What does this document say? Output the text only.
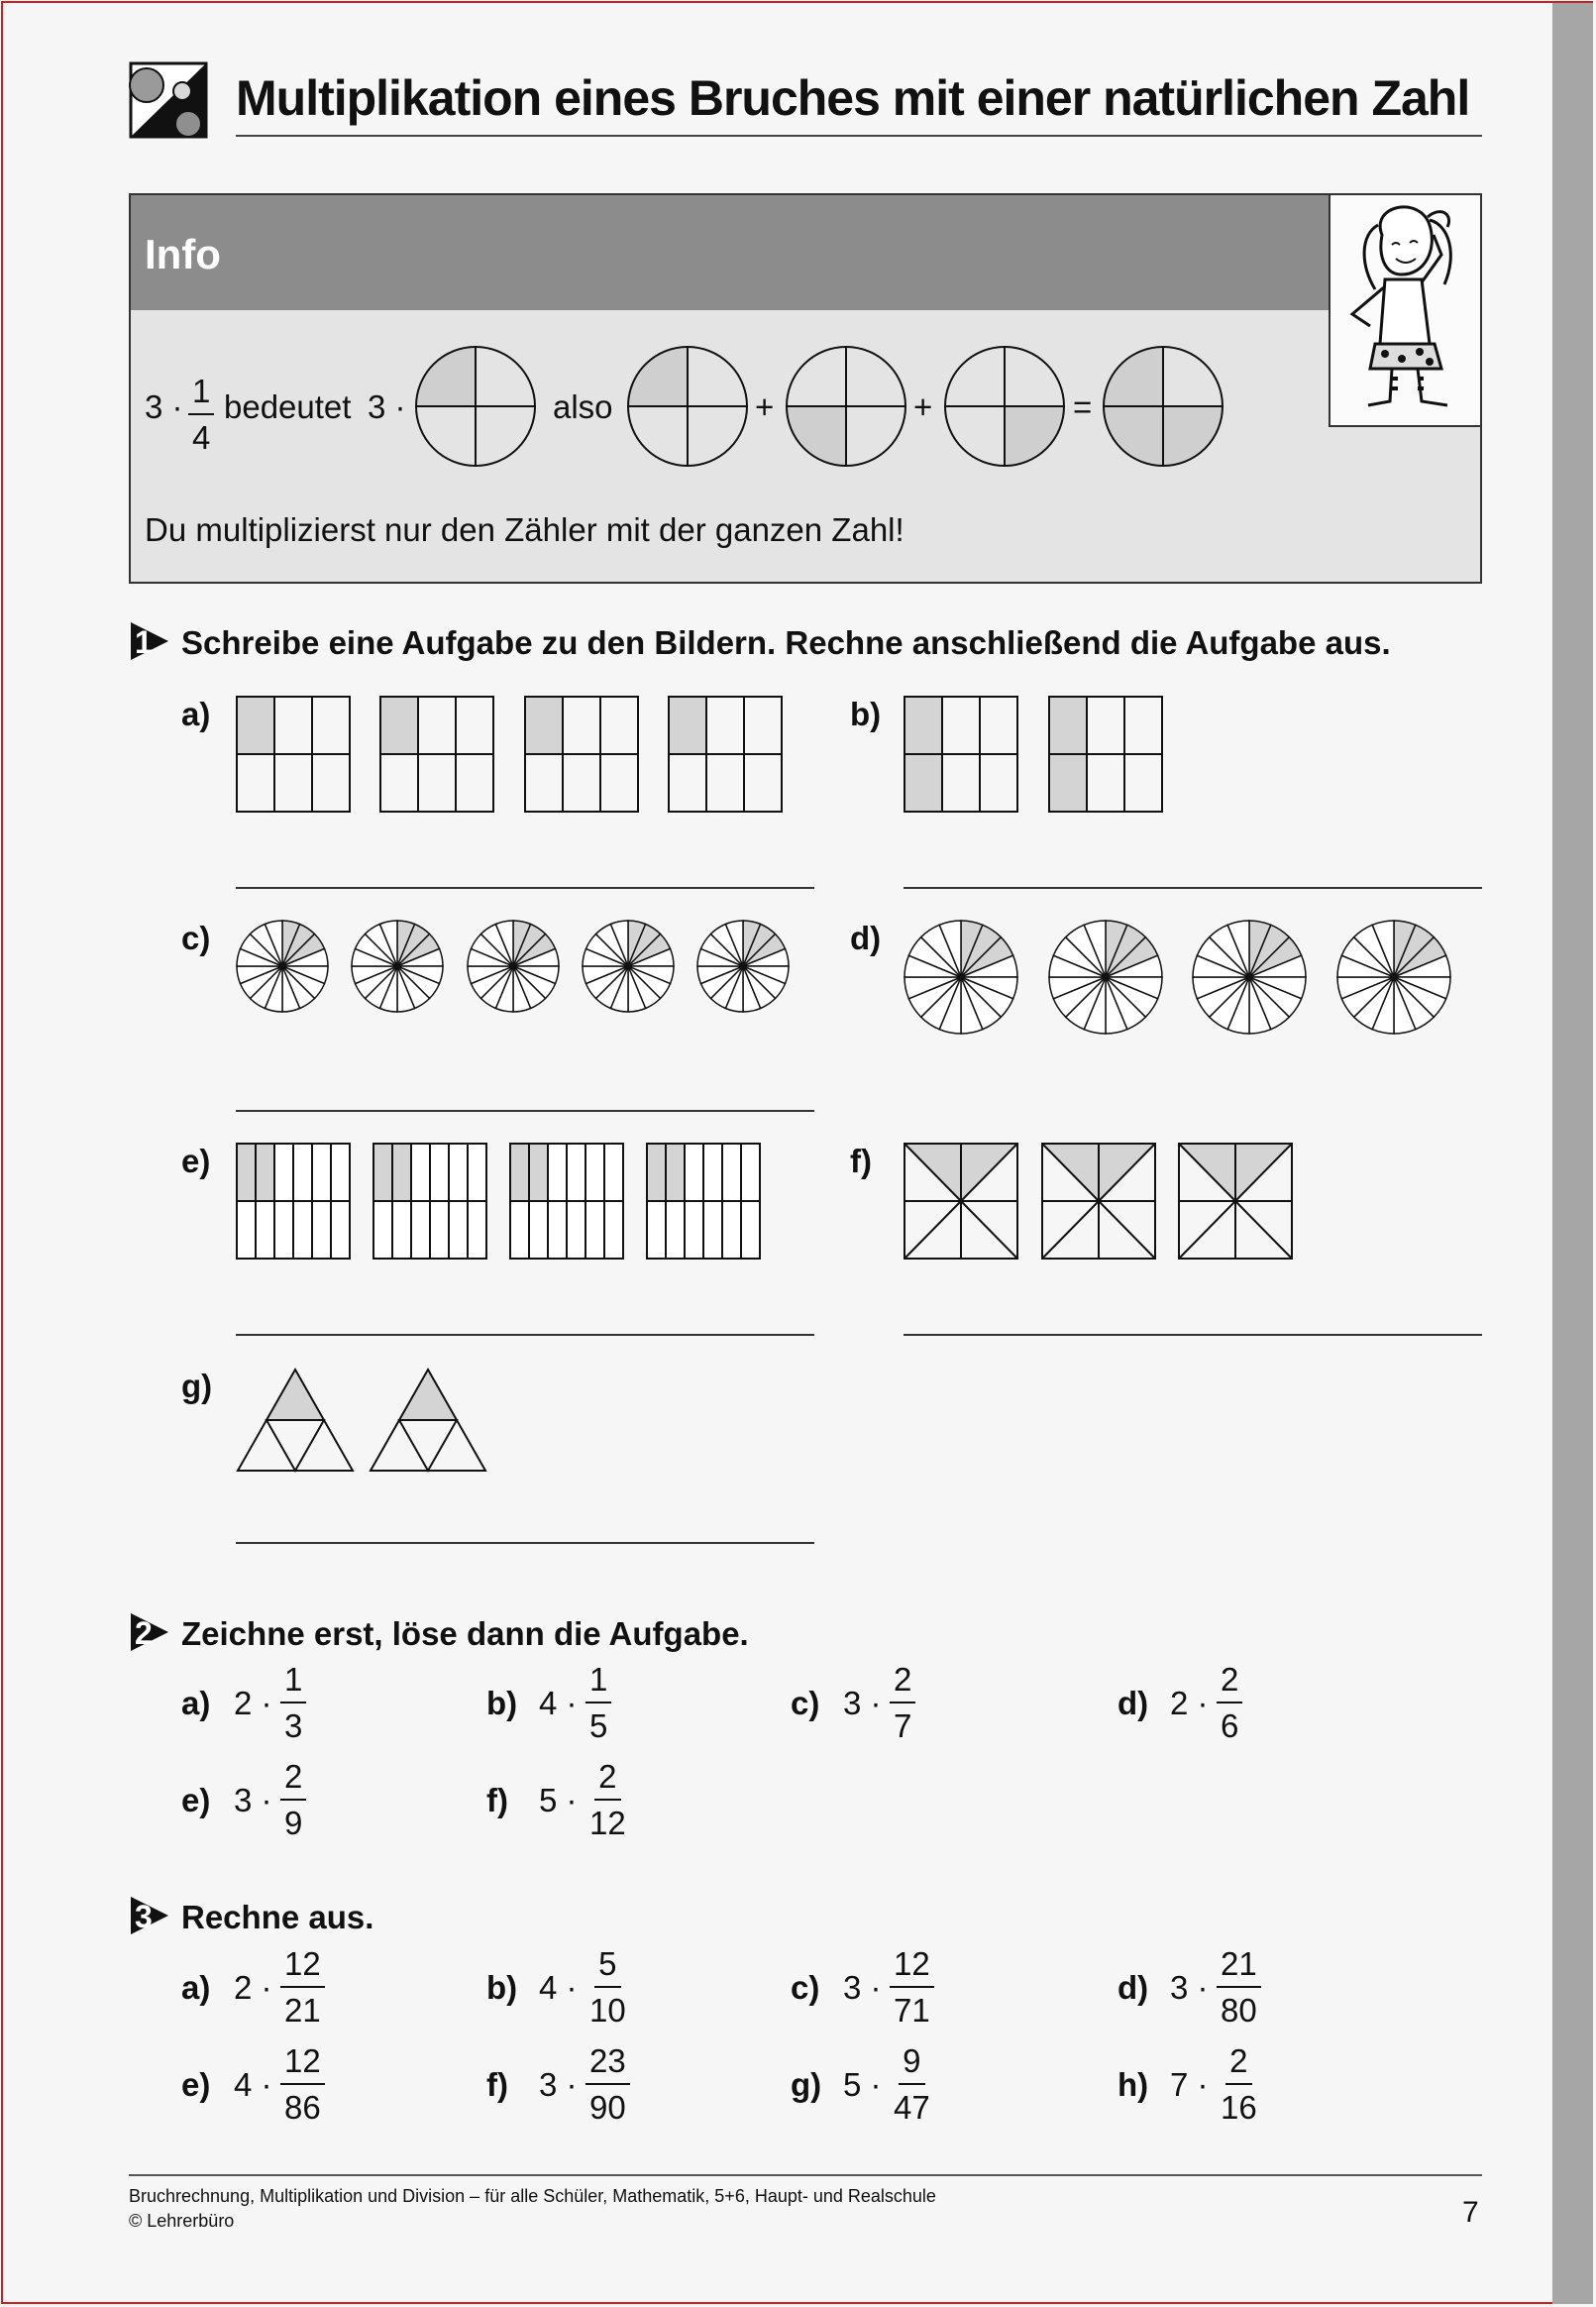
Multiplikation eines Bruches mit einer natürlichen Zahl
Info
$3 \cdot \frac{1}{4}$ bedeutet 3 ·	also	+	+	=
Du multiplizierst nur den Zähler mit der ganzen Zahl!
1 Schreibe eine Aufgabe zu den Bildern. Rechne anschließend die Aufgabe aus.
a)	b)
c)	d)
e)	f)
g)
2 Zeichne erst, löse dann die Aufgabe.
a) $2 \cdot \frac{1}{3}$	b) $4 \cdot \frac{1}{5}$	c) $3 \cdot \frac{2}{7}$	d) $2 \cdot \frac{2}{6}$
e) $3 \cdot \frac{2}{9}$	f) $5 \cdot \frac{2}{12}$
3 Rechne aus.
a) $2 \cdot \frac{12}{21}$	b) $4 \cdot \frac{5}{10}$	c) $3 \cdot \frac{12}{71}$	d) $3 \cdot \frac{21}{80}$
e) $4 \cdot \frac{12}{86}$	f) $3 \cdot \frac{23}{90}$	g) $5 \cdot \frac{9}{47}$	h) $7 \cdot \frac{2}{16}$
Bruchrechnung, Multiplikation und Division – für alle Schüler, Mathematik, 5+6, Haupt- und Realschule
© Lehrerbüro	7
